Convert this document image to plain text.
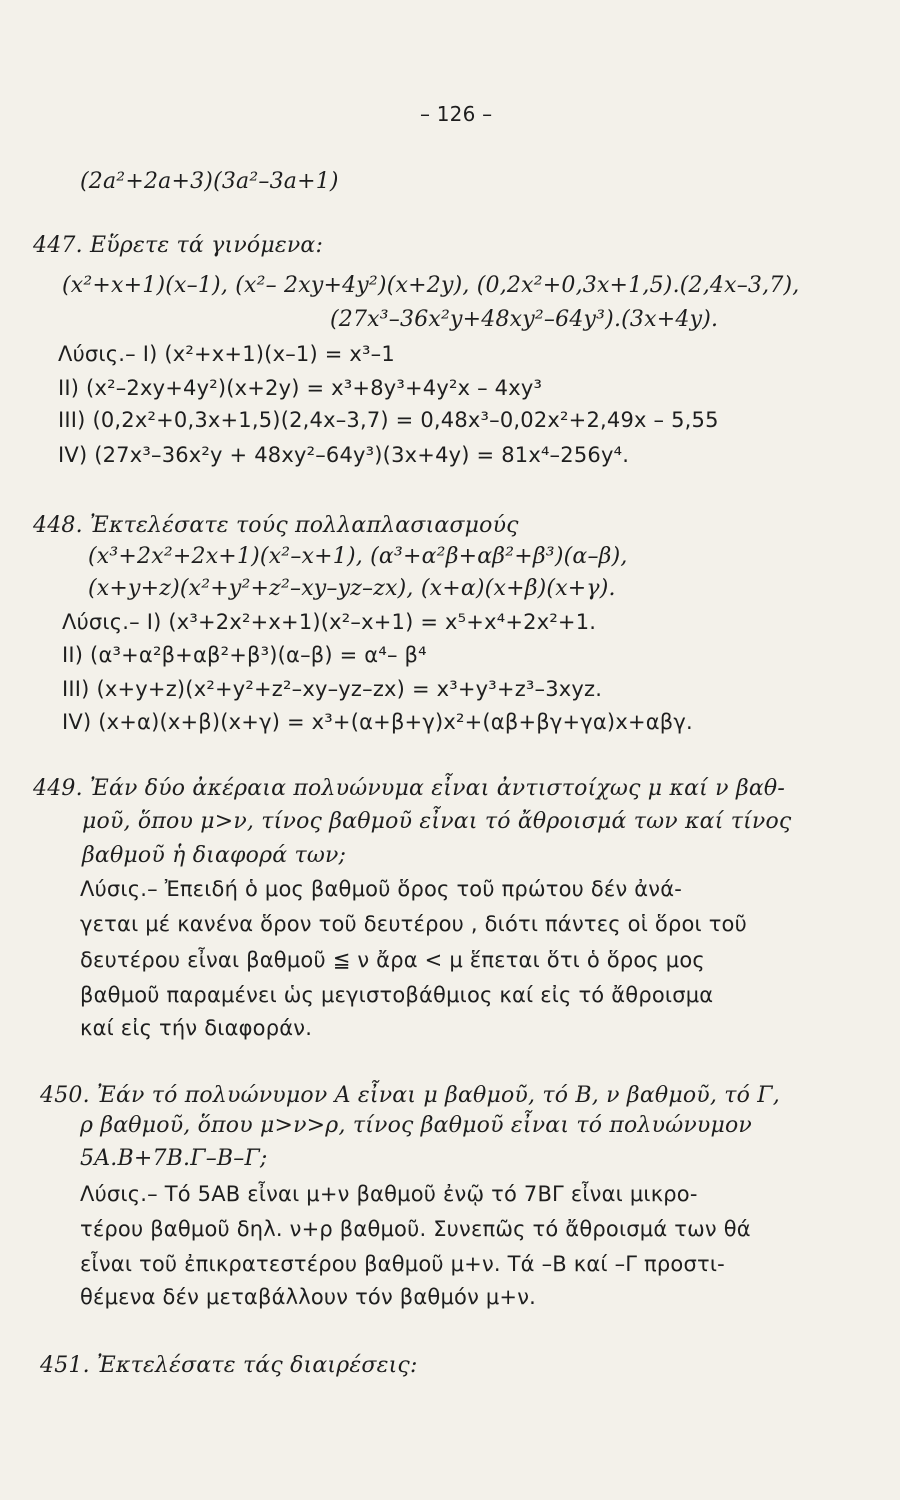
– 126 –
(2a²+2a+3)(3a²–3a+1)
447. Εὕρετε τά γινόμενα:
(x²+x+1)(x–1), (x²– 2xy+4y²)(x+2y), (0,2x²+0,3x+1,5).(2,4x–3,7),
(27x³–36x²y+48xy²–64y³).(3x+4y).
Λύσις.– I) (x²+x+1)(x–1) = x³–1
II) (x²–2xy+4y²)(x+2y) = x³+8y³+4y²x – 4xy³
III) (0,2x²+0,3x+1,5)(2,4x–3,7) = 0,48x³–0,02x²+2,49x – 5,55
IV) (27x³–36x²y + 48xy²–64y³)(3x+4y) = 81x⁴–256y⁴.
448. Ἐκτελέσατε τούς πολλαπλασιασμούς
(x³+2x²+2x+1)(x²–x+1), (α³+α²β+αβ²+β³)(α–β),
(x+y+z)(x²+y²+z²–xy–yz–zx), (x+α)(x+β)(x+γ).
Λύσις.– I) (x³+2x²+x+1)(x²–x+1) = x⁵+x⁴+2x²+1.
II) (α³+α²β+αβ²+β³)(α–β) = α⁴– β⁴
III) (x+y+z)(x²+y²+z²–xy–yz–zx) = x³+y³+z³–3xyz.
IV) (x+α)(x+β)(x+γ) = x³+(α+β+γ)x²+(αβ+βγ+γα)x+αβγ.
449. Ἐάν δύο ἀκέραια πολυώνυμα εἶναι ἀντιστοίχως μ καί ν βαθ-
μοῦ, ὅπου μ>ν, τίνος βαθμοῦ εἶναι τό ἄθροισμά των καί τίνος
βαθμοῦ ἡ διαφορά των;
Λύσις.– Ἐπειδή ὁ μος βαθμοῦ ὅρος τοῦ πρώτου δέν ἀνά-
γεται μέ κανένα ὅρον τοῦ δευτέρου , διότι πάντες οἱ ὅροι τοῦ
δευτέρου εἶναι βαθμοῦ ≦ ν ἄρα < μ ἕπεται ὅτι ὁ ὅρος μος
βαθμοῦ παραμένει ὡς μεγιστοβάθμιος καί εἰς τό ἄθροισμα
καί εἰς τήν διαφοράν.
450. Ἐάν τό πολυώνυμον Α εἶναι μ βαθμοῦ, τό Β, ν βαθμοῦ, τό Γ,
ρ βαθμοῦ, ὅπου μ>ν>ρ, τίνος βαθμοῦ εἶναι τό πολυώνυμον
5Α.Β+7Β.Γ–Β–Γ;
Λύσις.– Τό 5ΑΒ εἶναι μ+ν βαθμοῦ ἐνῷ τό 7ΒΓ εἶναι μικρο-
τέρου βαθμοῦ δηλ. ν+ρ βαθμοῦ. Συνεπῶς τό ἄθροισμά των θά
εἶναι τοῦ ἐπικρατεστέρου βαθμοῦ μ+ν. Τά –Β καί –Γ προστι-
θέμενα δέν μεταβάλλουν τόν βαθμόν μ+ν.
451. Ἐκτελέσατε τάς διαιρέσεις:
